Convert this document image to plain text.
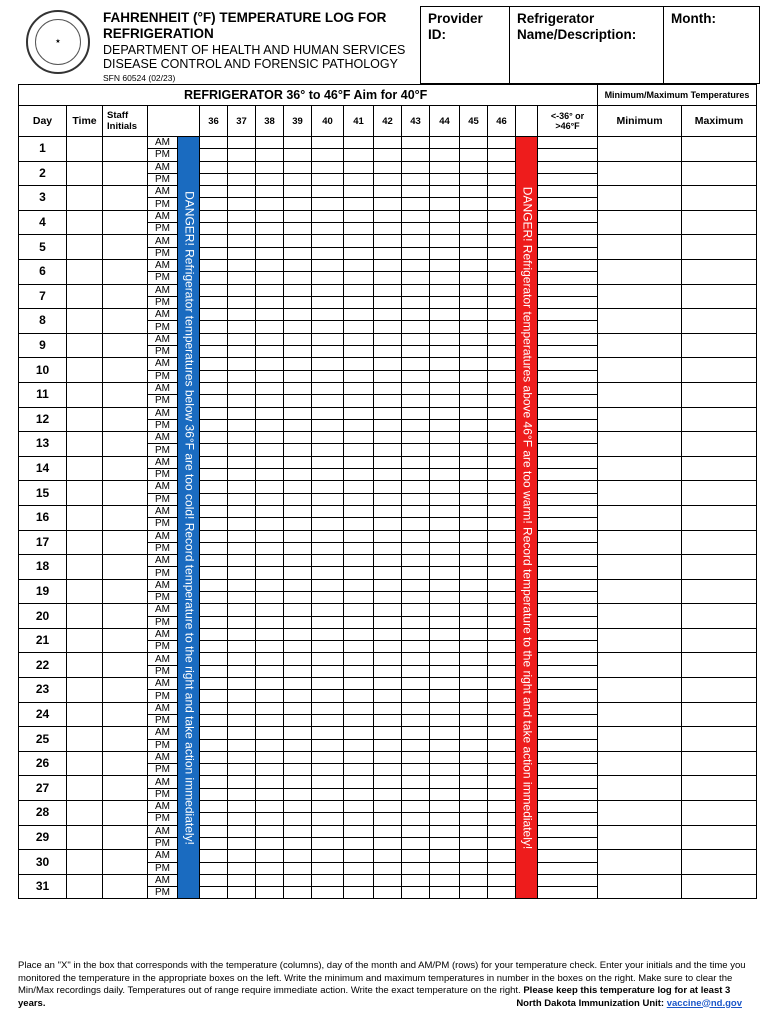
★
FAHRENHEIT (°F) TEMPERATURE LOG FOR REFRIGERATION
DEPARTMENT OF HEALTH AND HUMAN SERVICES
DISEASE CONTROL AND FORENSIC PATHOLOGY
SFN 60524 (02/23)
Provider ID:
Refrigerator Name/Description:
Month:
REFRIGERATOR 36° to 46°F Aim for 40°F																		Minimum/Maximum Temperatures	
Day	Time	Staff Initials			36	37	38	39	40	41	42	43	44	45	46		<-36° or >46°F	Minimum	Maximum
1			AM	DANGER! Refrigerator temperatures below 36°F are too cold! Record temperature to the right and take action immediately!												DANGER! Refrigerator temperatures above 46°F are too warm! Record temperature to the right and take action immediately!			

			PM																
2			AM																
			PM																
3			AM																
			PM																
4			AM																
			PM																
5			AM																
			PM																
6			AM																
			PM																
7			AM																
			PM																
8			AM																
			PM																
9			AM																
			PM																
10			AM																
			PM																
11			AM																
			PM																
12			AM																
			PM																
13			AM																
			PM																
14			AM																
			PM																
15			AM																
			PM																
16			AM																
			PM																
17			AM																
			PM																
18			AM																
			PM																
19			AM																
			PM																
20			AM																
			PM																
21			AM																
			PM																
22			AM																
			PM																
23			AM																
			PM																
24			AM																
			PM																
25			AM																
			PM																
26			AM																
			PM																
27			AM																
			PM																
28			AM																
			PM																
29			AM																
			PM																
30			AM																
			PM																
31			AM																
			PM																
Place an "X" in the box that corresponds with the temperature (columns), day of the month and AM/PM (rows) for your temperature check. Enter your initials and the time you monitored the temperature in the appropriate boxes on the left. Write the minimum and maximum temperatures in number in the boxes on the right. Make sure to clear the Min/Max recordings daily. Temperatures out of range require immediate action. Write the exact temperature on the right. Please keep this temperature log for at least 3 years.	North Dakota Immunization Unit: vaccine@nd.gov
